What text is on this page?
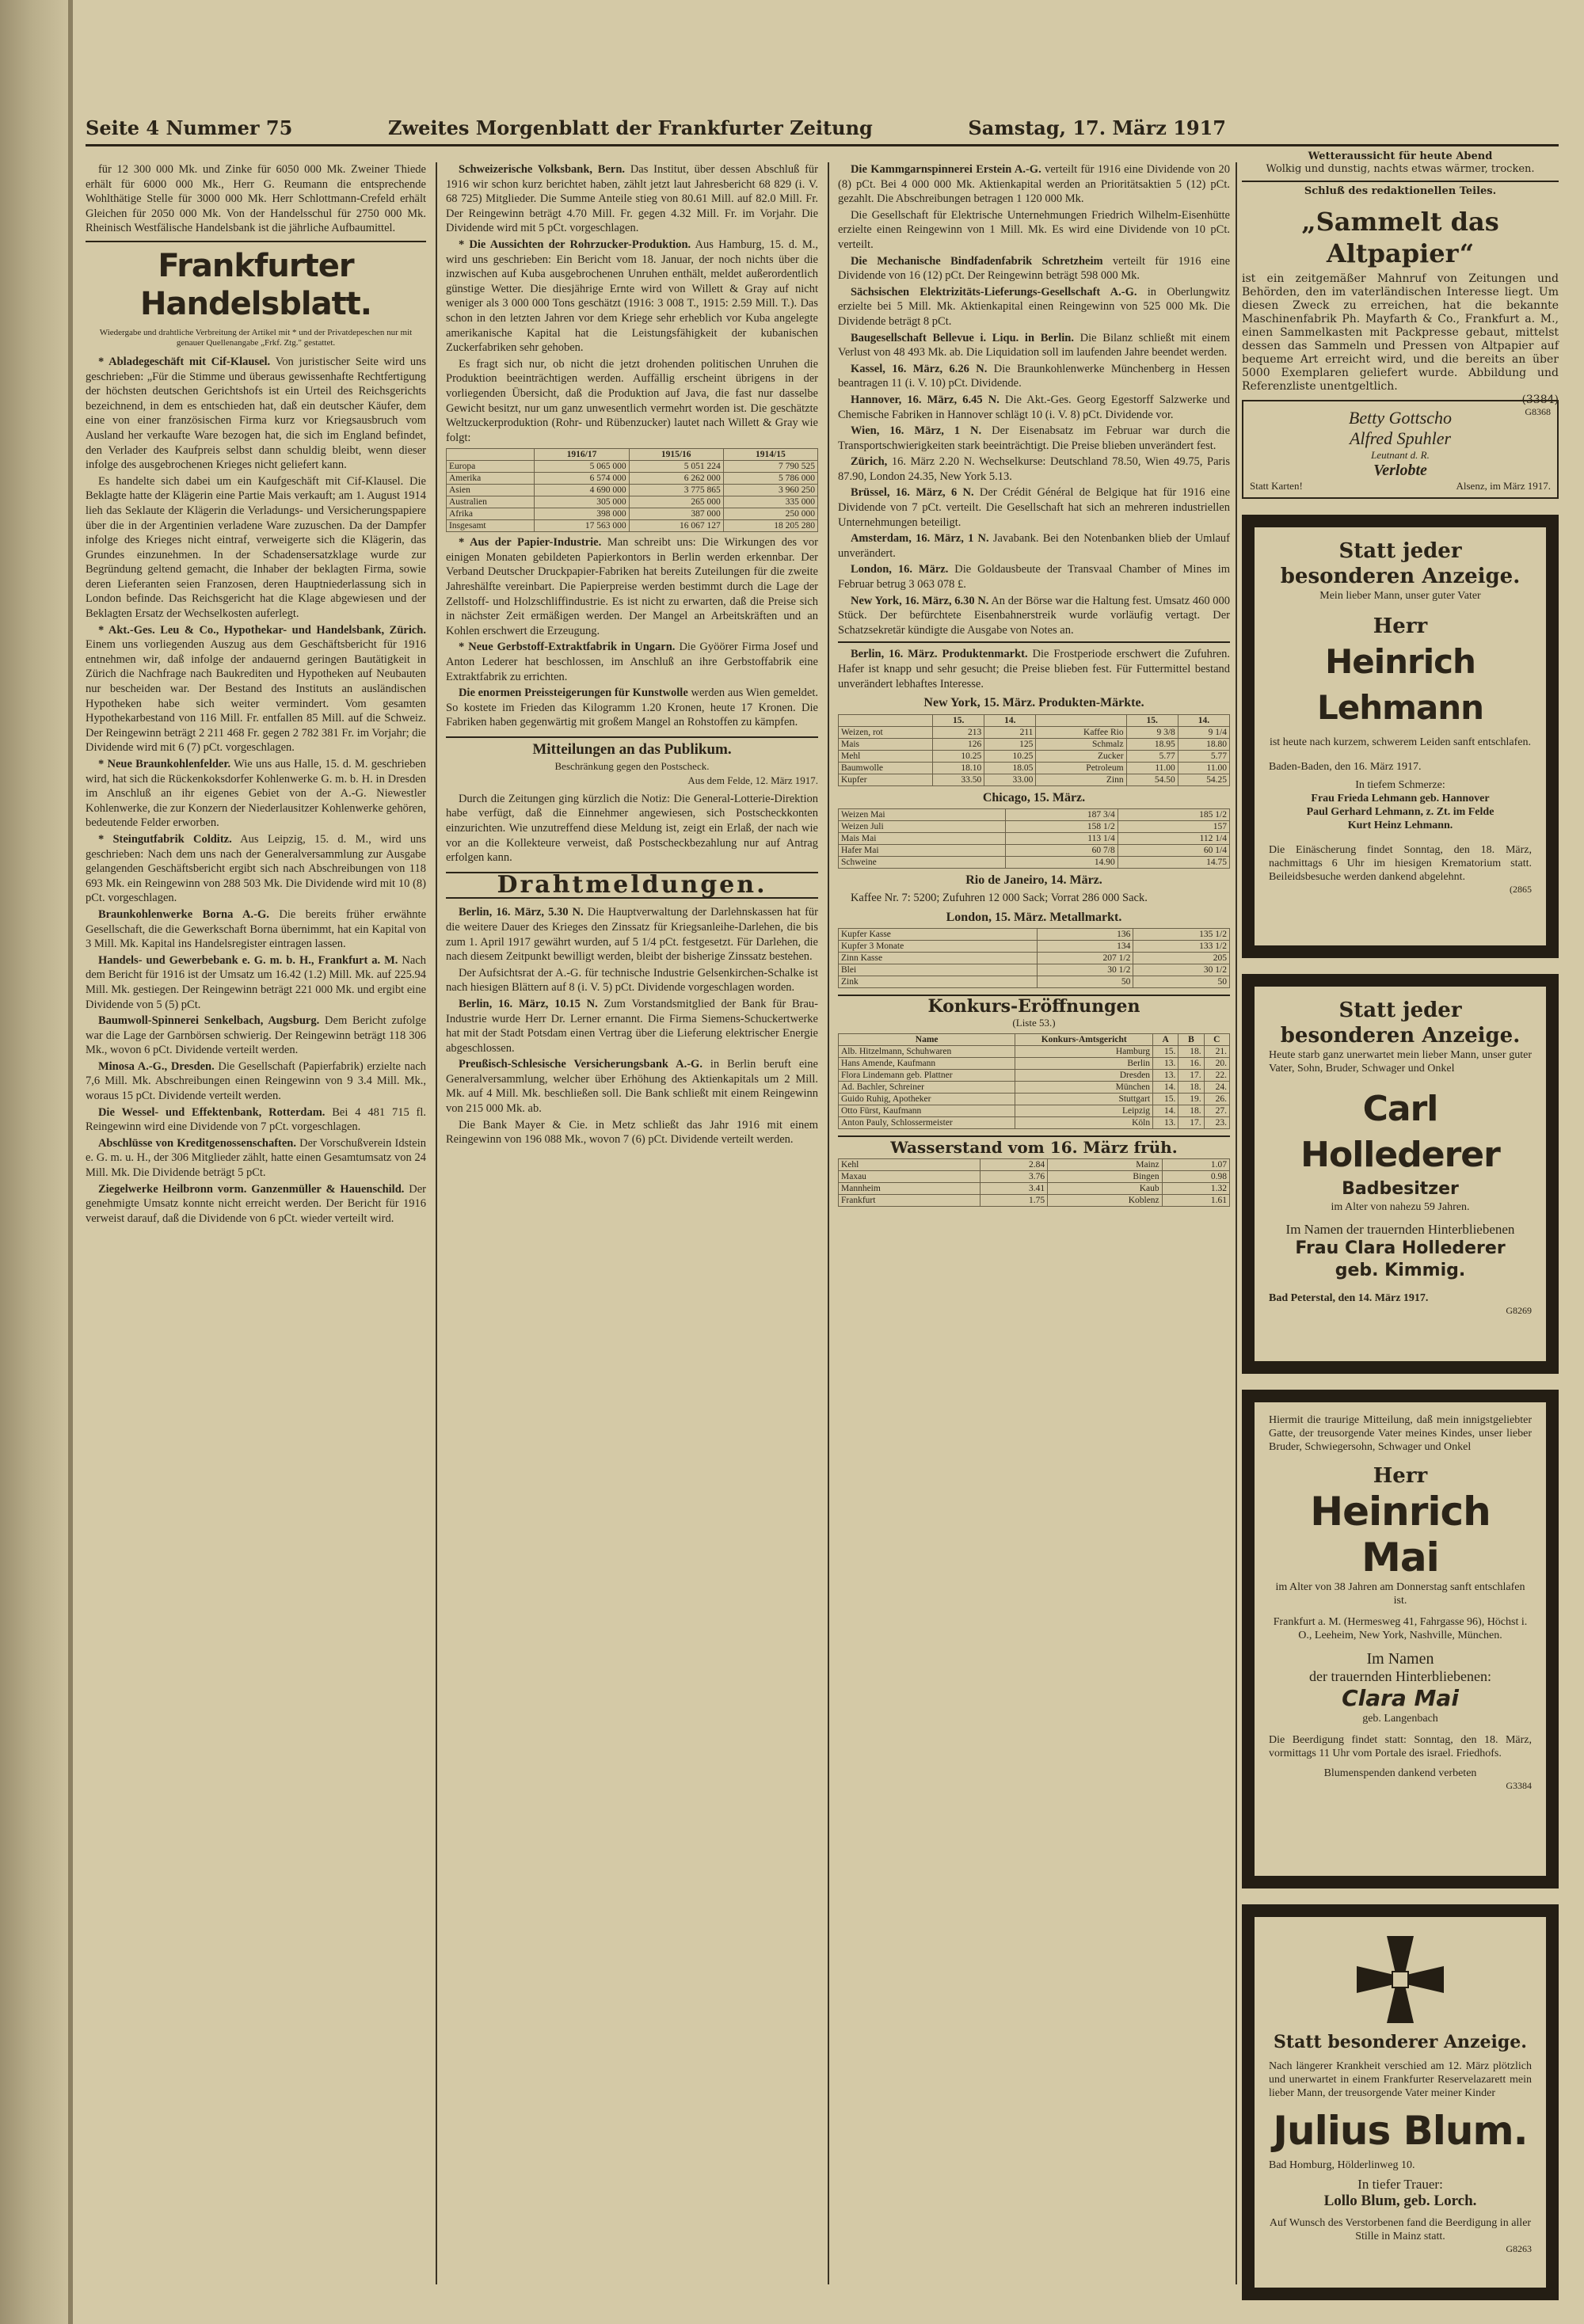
Seite 4 Nummer 75	Zweites Morgenblatt der Frankfurter Zeitung	Samstag, 17. März 1917

für 12 300 000 Mk. und Zinke für 6050 000 Mk. Zweiner Thiede erhält für 6000 000 Mk., Herr G. Reumann die entsprechende Wohlthätige Stelle für 3000 000 Mk. Herr Schlottmann-Crefeld erhält Gleichen für 2050 000 Mk. Von der Handelsschul für 2750 000 Mk. Rheinisch Westfälische Handelsbank ist die jährliche Aufbaumittel.

Frankfurter Handelsblatt.
Wiedergabe und drahtliche Verbreitung der Artikel mit * und der Privatdepeschen nur mit genauer Quellenangabe „Frkf. Ztg." gestattet.

* Abladegeschäft mit Cif-Klausel. Von juristischer Seite wird uns geschrieben: „Für die Stimme und überaus gewissenhafte Rechtfertigung der höchsten deutschen Gerichtshofs ist ein Urteil des Reichsgerichts bezeichnend, in dem es entschieden hat, daß ein deutscher Käufer, dem eine von einer französischen Firma kurz vor Kriegsausbruch vom Ausland her verkaufte Ware bezogen hat, die sich im England befindet, den Verlader des Kaufpreis selbst dann schuldig bleibt, wenn dieser infolge des ausgebrochenen Krieges nicht geliefert kann.

Es handelte sich dabei um ein Kaufgeschäft mit Cif-Klausel. Die Beklagte hatte der Klägerin eine Partie Mais verkauft; am 1. August 1914 lieh das Seklaute der Klägerin die Verladungs- und Versicherungspapiere über die in der Argentinien verladene Ware zuzuschen. Da der Dampfer infolge des Krieges nicht eintraf, verweigerte sich die Klägerin, das Grundes einzunehmen. In der Schadensersatzklage wurde zur Begründung geltend gemacht, die Inhaber der beklagten Firma, sowie deren Lieferanten seien Franzosen, deren Hauptniederlassung sich in London befinde. Das Reichsgericht hat die Klage abgewiesen und der Beklagten Ersatz der Wechselkosten auferlegt.

* Akt.-Ges. Leu & Co., Hypothekar- und Handelsbank, Zürich. Einem uns vorliegenden Auszug aus dem Geschäftsbericht für 1916 entnehmen wir, daß infolge der andauernd geringen Bautätigkeit in Zürich die Nachfrage nach Baukrediten und Hypotheken auf Neubauten nur bescheiden war. Der Bestand des Instituts an ausländischen Hypotheken habe sich weiter vermindert. Vom gesamten Hypothekarbestand von 116 Mill. Fr. entfallen 85 Mill. auf die Schweiz. Der Reingewinn beträgt 2 211 468 Fr. gegen 2 782 381 Fr. im Vorjahr; die Dividende wird mit 6 (7) pCt. vorgeschlagen.

* Neue Braunkohlenfelder. Wie uns aus Halle, 15. d. M. geschrieben wird, hat sich die Rückenkoksdorfer Kohlenwerke G. m. b. H. in Dresden im Anschluß an ihr eigenes Gebiet von der A.-G. Niewestler Kohlenwerke, die zur Konzern der Niederlausitzer Kohlenwerke gehören, bedeutende Felder erworben.

* Steingutfabrik Colditz. Aus Leipzig, 15. d. M., wird uns geschrieben: Nach dem uns nach der Generalversammlung zur Ausgabe gelangenden Geschäftsbericht ergibt sich nach Abschreibungen von 118 693 Mk. ein Reingewinn von 288 503 Mk. Die Dividende wird mit 10 (8) pCt. vorgeschlagen.

Braunkohlenwerke Borna A.-G. Die bereits früher erwähnte Gesellschaft, die die Gewerkschaft Borna übernimmt, hat ein Kapital von 3 Mill. Mk. Kapital ins Handelsregister eintragen lassen.

Handels- und Gewerbebank e. G. m. b. H., Frankfurt a. M. Nach dem Bericht für 1916 ist der Umsatz um 16.42 (1.2) Mill. Mk. auf 225.94 Mill. Mk. gestiegen. Der Reingewinn beträgt 221 000 Mk. und ergibt eine Dividende von 5 (5) pCt.

Baumwoll-Spinnerei Senkelbach, Augsburg. Dem Bericht zufolge war die Lage der Garnbörsen schwierig. Der Reingewinn beträgt 118 306 Mk., wovon 6 pCt. Dividende verteilt werden.

Minosa A.-G., Dresden. Die Gesellschaft (Papierfabrik) erzielte nach 7,6 Mill. Mk. Abschreibungen einen Reingewinn von 9 3.4 Mill. Mk., woraus 15 pCt. Dividende verteilt werden.

Die Wessel- und Effektenbank, Rotterdam. Bei 4 481 715 fl. Reingewinn wird eine Dividende von 7 pCt. vorgeschlagen.

Abschlüsse von Kreditgenossenschaften. Der Vorschußverein Idstein e. G. m. u. H., der 306 Mitglieder zählt, hatte einen Gesamtumsatz von 24 Mill. Mk. Die Dividende beträgt 5 pCt.

Ziegelwerke Heilbronn vorm. Ganzenmüller & Hauenschild. Der genehmigte Umsatz konnte nicht erreicht werden. Der Bericht für 1916 verweist darauf, daß die Dividende von 6 pCt. wieder verteilt wird.

Schweizerische Volksbank, Bern. Das Institut, über dessen Abschluß für 1916 wir schon kurz berichtet haben, zählt jetzt laut Jahresbericht 68 829 (i. V. 68 725) Mitglieder. Die Summe Anteile stieg von 80.61 Mill. auf 82.0 Mill. Fr. Der Reingewinn beträgt 4.70 Mill. Fr. gegen 4.32 Mill. Fr. im Vorjahr. Die Dividende wird mit 5 pCt. vorgeschlagen.

* Die Aussichten der Rohrzucker-Produktion. Aus Hamburg, 15. d. M., wird uns geschrieben: Ein Bericht vom 18. Januar, der noch nichts über die inzwischen auf Kuba ausgebrochenen Unruhen enthält, meldet außerordentlich günstige Wetter. Die diesjährige Ernte wird von Willett & Gray auf nicht weniger als 3 000 000 Tons geschätzt (1916: 3 008 T., 1915: 2.59 Mill. T.). Das schon in den letzten Jahren vor dem Kriege sehr erheblich vor Kuba angelegte amerikanische Kapital hat die Leistungsfähigkeit der kubanischen Zuckerfabriken sehr gehoben.

Es fragt sich nur, ob nicht die jetzt drohenden politischen Unruhen die Produktion beeinträchtigen werden. Auffällig erscheint übrigens in der vorliegenden Übersicht, daß die Produktion auf Java, die fast nur dasselbe Gewicht besitzt, nur um ganz unwesentlich vermehrt worden ist. Die geschätzte Weltzuckerproduktion (Rohr- und Rübenzucker) lautet nach Willett & Gray wie folgt:

	1916/17	1915/16	1914/15
Europa	5 065 000	5 051 224	7 790 525
Amerika	6 574 000	6 262 000	5 786 000
Asien	4 690 000	3 775 865	3 960 250
Australien	305 000	265 000	335 000
Afrika	398 000	387 000	250 000
Insgesamt	17 563 000	16 067 127	18 205 280

* Aus der Papier-Industrie. Man schreibt uns: Die Wirkungen des vor einigen Monaten gebildeten Papierkontors in Berlin werden erkennbar. Der Verband Deutscher Druckpapier-Fabriken hat bereits Zuteilungen für die zweite Jahreshälfte vereinbart. Die Papierpreise werden bestimmt durch die Lage der Zellstoff- und Holzschliffindustrie. Es ist nicht zu erwarten, daß die Preise sich in nächster Zeit ermäßigen werden. Der Mangel an Arbeitskräften und an Kohlen erschwert die Erzeugung.

* Neue Gerbstoff-Extraktfabrik in Ungarn. Die Gyöörer Firma Josef und Anton Lederer hat beschlossen, im Anschluß an ihre Gerbstoffabrik eine Extraktfabrik zu errichten.

Die enormen Preissteigerungen für Kunstwolle werden aus Wien gemeldet. So kostete im Frieden das Kilogramm 1.20 Kronen, heute 17 Kronen. Die Fabriken haben gegenwärtig mit großem Mangel an Rohstoffen zu kämpfen.

Mitteilungen an das Publikum.
Beschränkung gegen den Postscheck.
Aus dem Felde, 12. März 1917.

Durch die Zeitungen ging kürzlich die Notiz: Die General-Lotterie-Direktion habe verfügt, daß die Einnehmer angewiesen, sich Postscheckkonten einzurichten. Wie unzutreffend diese Meldung ist, zeigt ein Erlaß, der nach wie vor an die Kollekteure verweist, daß Postscheckbezahlung nur auf Antrag erfolgen kann.

Drahtmeldungen.

Berlin, 16. März, 5.30 N. Die Hauptverwaltung der Darlehnskassen hat für die weitere Dauer des Krieges den Zinssatz für Kriegsanleihe-Darlehen, die bis zum 1. April 1917 gewährt wurden, auf 5 1/4 pCt. festgesetzt. Für Darlehen, die nach diesem Zeitpunkt bewilligt werden, bleibt der bisherige Zinssatz bestehen.

Der Aufsichtsrat der A.-G. für technische Industrie Gelsenkirchen-Schalke ist nach hiesigen Blättern auf 8 (i. V. 5) pCt. Dividende vorgeschlagen worden.

Berlin, 16. März, 10.15 N. Zum Vorstandsmitglied der Bank für Brau-Industrie wurde Herr Dr. Lerner ernannt. Die Firma Siemens-Schuckertwerke hat mit der Stadt Potsdam einen Vertrag über die Lieferung elektrischer Energie abgeschlossen.

Preußisch-Schlesische Versicherungsbank A.-G. in Berlin beruft eine Generalversammlung, welcher über Erhöhung des Aktienkapitals um 2 Mill. Mk. auf 4 Mill. Mk. beschließen soll. Die Bank schließt mit einem Reingewinn von 215 000 Mk. ab.

Die Bank Mayer & Cie. in Metz schließt das Jahr 1916 mit einem Reingewinn von 196 088 Mk., wovon 7 (6) pCt. Dividende verteilt werden.

Die Kammgarnspinnerei Erstein A.-G. verteilt für 1916 eine Dividende von 20 (8) pCt. Bei 4 000 000 Mk. Aktienkapital werden an Prioritätsaktien 5 (12) pCt. gezahlt. Die Abschreibungen betragen 1 120 000 Mk.

Die Gesellschaft für Elektrische Unternehmungen Friedrich Wilhelm-Eisenhütte erzielte einen Reingewinn von 1 Mill. Mk. Es wird eine Dividende von 10 pCt. verteilt.

Die Mechanische Bindfadenfabrik Schretzheim verteilt für 1916 eine Dividende von 16 (12) pCt. Der Reingewinn beträgt 598 000 Mk.

Sächsischen Elektrizitäts-Lieferungs-Gesellschaft A.-G. in Oberlungwitz erzielte bei 5 Mill. Mk. Aktienkapital einen Reingewinn von 525 000 Mk. Die Dividende beträgt 8 pCt.

Baugesellschaft Bellevue i. Liqu. in Berlin. Die Bilanz schließt mit einem Verlust von 48 493 Mk. ab. Die Liquidation soll im laufenden Jahre beendet werden.

Kassel, 16. März, 6.26 N. Die Braunkohlenwerke Münchenberg in Hessen beantragen 11 (i. V. 10) pCt. Dividende.

Hannover, 16. März, 6.45 N. Die Akt.-Ges. Georg Egestorff Salzwerke und Chemische Fabriken in Hannover schlägt 10 (i. V. 8) pCt. Dividende vor.

Wien, 16. März, 1 N. Der Eisenabsatz im Februar war durch die Transportschwierigkeiten stark beeinträchtigt. Die Preise blieben unverändert fest.

Zürich, 16. März 2.20 N. Wechselkurse: Deutschland 78.50, Wien 49.75, Paris 87.90, London 24.35, New York 5.13.

Brüssel, 16. März, 6 N. Der Crédit Général de Belgique hat für 1916 eine Dividende von 7 pCt. verteilt. Die Gesellschaft hat sich an mehreren industriellen Unternehmungen beteiligt.

Amsterdam, 16. März, 1 N. Javabank. Bei den Notenbanken blieb der Umlauf unverändert.

London, 16. März. Die Goldausbeute der Transvaal Chamber of Mines im Februar betrug 3 063 078 £.

New York, 16. März, 6.30 N. An der Börse war die Haltung fest. Umsatz 460 000 Stück. Der befürchtete Eisenbahnerstreik wurde vorläufig vertagt. Der Schatzsekretär kündigte die Ausgabe von Notes an.

Berlin, 16. März. Produktenmarkt. Die Frostperiode erschwert die Zufuhren. Hafer ist knapp und sehr gesucht; die Preise blieben fest. Für Futtermittel bestand unverändert lebhaftes Interesse.

New York, 15. März. Produkten-Märkte.
	15.	14.		15.	14.
Weizen, rot	213	211	Kaffee Rio	9 3/8	9 1/4
Mais	126	125	Schmalz	18.95	18.80
Mehl	10.25	10.25	Zucker	5.77	5.77
Baumwolle	18.10	18.05	Petroleum	11.00	11.00
Kupfer	33.50	33.00	Zinn	54.50	54.25
Chicago, 15. März.
Weizen Mai	187 3/4	185 1/2
Weizen Juli	158 1/2	157
Mais Mai	113 1/4	112 1/4
Hafer Mai	60 7/8	60 1/4
Schweine	14.90	14.75
Rio de Janeiro, 14. März.

Kaffee Nr. 7: 5200; Zufuhren 12 000 Sack; Vorrat 286 000 Sack.

London, 15. März. Metallmarkt.
Kupfer Kasse	136	135 1/2
Kupfer 3 Monate	134	133 1/2
Zinn Kasse	207 1/2	205
Blei	30 1/2	30 1/2
Zink	50	50
Konkurs-Eröffnungen
(Liste 53.)
Name	Konkurs-Amtsgericht	A	B	C
Alb. Hitzelmann, Schuhwaren	Hamburg	15.	18.	21.
Hans Amende, Kaufmann	Berlin	13.	16.	20.
Flora Lindemann geb. Plattner	Dresden	13.	17.	22.
Ad. Bachler, Schreiner	München	14.	18.	24.
Guido Ruhig, Apotheker	Stuttgart	15.	19.	26.
Otto Fürst, Kaufmann	Leipzig	14.	18.	27.
Anton Pauly, Schlossermeister	Köln	13.	17.	23.
Wasserstand vom 16. März früh.
Kehl	2.84	Mainz	1.07
Maxau	3.76	Bingen	0.98
Mannheim	3.41	Kaub	1.32
Frankfurt	1.75	Koblenz	1.61
Wetteraussicht für heute Abend
Wolkig und dunstig, nachts etwas wärmer, trocken.
Schluß des redaktionellen Teiles.
„Sammelt das Altpapier“
ist ein zeitgemäßer Mahnruf von Zeitungen und Behörden, den im vaterländischen Interesse liegt. Um diesen Zweck zu erreichen, hat die bekannte Maschinenfabrik Ph. Mayfarth & Co., Frankfurt a. M., einen Sammelkasten mit Packpresse gebaut, mittelst dessen das Sammeln und Pressen von Altpapier auf bequeme Art erreicht wird, und die bereits an über 5000 Exemplaren geliefert wurde. Abbildung und Referenzliste unentgeltlich.
(3384)
Betty Gottscho
Alfred Spuhler
Leutnant d. R.
Verlobte
Statt Karten!	Alsenz, im März 1917.
G8368
Statt jeder besonderen Anzeige.
Mein lieber Mann, unser guter Vater
Herr
Heinrich Lehmann
ist heute nach kurzem, schwerem Leiden sanft entschlafen.
Baden-Baden, den 16. März 1917.
In tiefem Schmerze:
Frau Frieda Lehmann geb. Hannover
Paul Gerhard Lehmann, z. Zt. im Felde
Kurt Heinz Lehmann.
Die Einäscherung findet Sonntag, den 18. März, nachmittags 6 Uhr im hiesigen Krematorium statt. Beileidsbesuche werden dankend abgelehnt.
(2865
Statt jeder besonderen Anzeige.
Heute starb ganz unerwartet mein lieber Mann, unser guter Vater, Sohn, Bruder, Schwager und Onkel
Carl Hollederer
Badbesitzer
im Alter von nahezu 59 Jahren.
Im Namen der trauernden Hinterbliebenen
Frau Clara Hollederer
geb. Kimmig.
Bad Peterstal, den 14. März 1917.
G8269
Hiermit die traurige Mitteilung, daß mein innigstgeliebter Gatte, der treusorgende Vater meines Kindes, unser lieber Bruder, Schwiegersohn, Schwager und Onkel
Herr
Heinrich Mai
im Alter von 38 Jahren am Donnerstag sanft entschlafen ist.
Frankfurt a. M. (Hermesweg 41, Fahrgasse 96), Höchst i. O., Leeheim, New York, Nashville, München.
Im Namen
der trauernden Hinterbliebenen:
Clara Mai
geb. Langenbach
Die Beerdigung findet statt: Sonntag, den 18. März, vormittags 11 Uhr vom Portale des israel. Friedhofs.
Blumenspenden dankend verbeten
G3384
Statt besonderer Anzeige.
Nach längerer Krankheit verschied am 12. März plötzlich und unerwartet in einem Frankfurter Reservelazarett mein lieber Mann, der treusorgende Vater meiner Kinder
Julius Blum.
Bad Homburg, Hölderlinweg 10.
In tiefer Trauer:
Lollo Blum, geb. Lorch.
Auf Wunsch des Verstorbenen fand die Beerdigung in aller Stille in Mainz statt.
G8263
